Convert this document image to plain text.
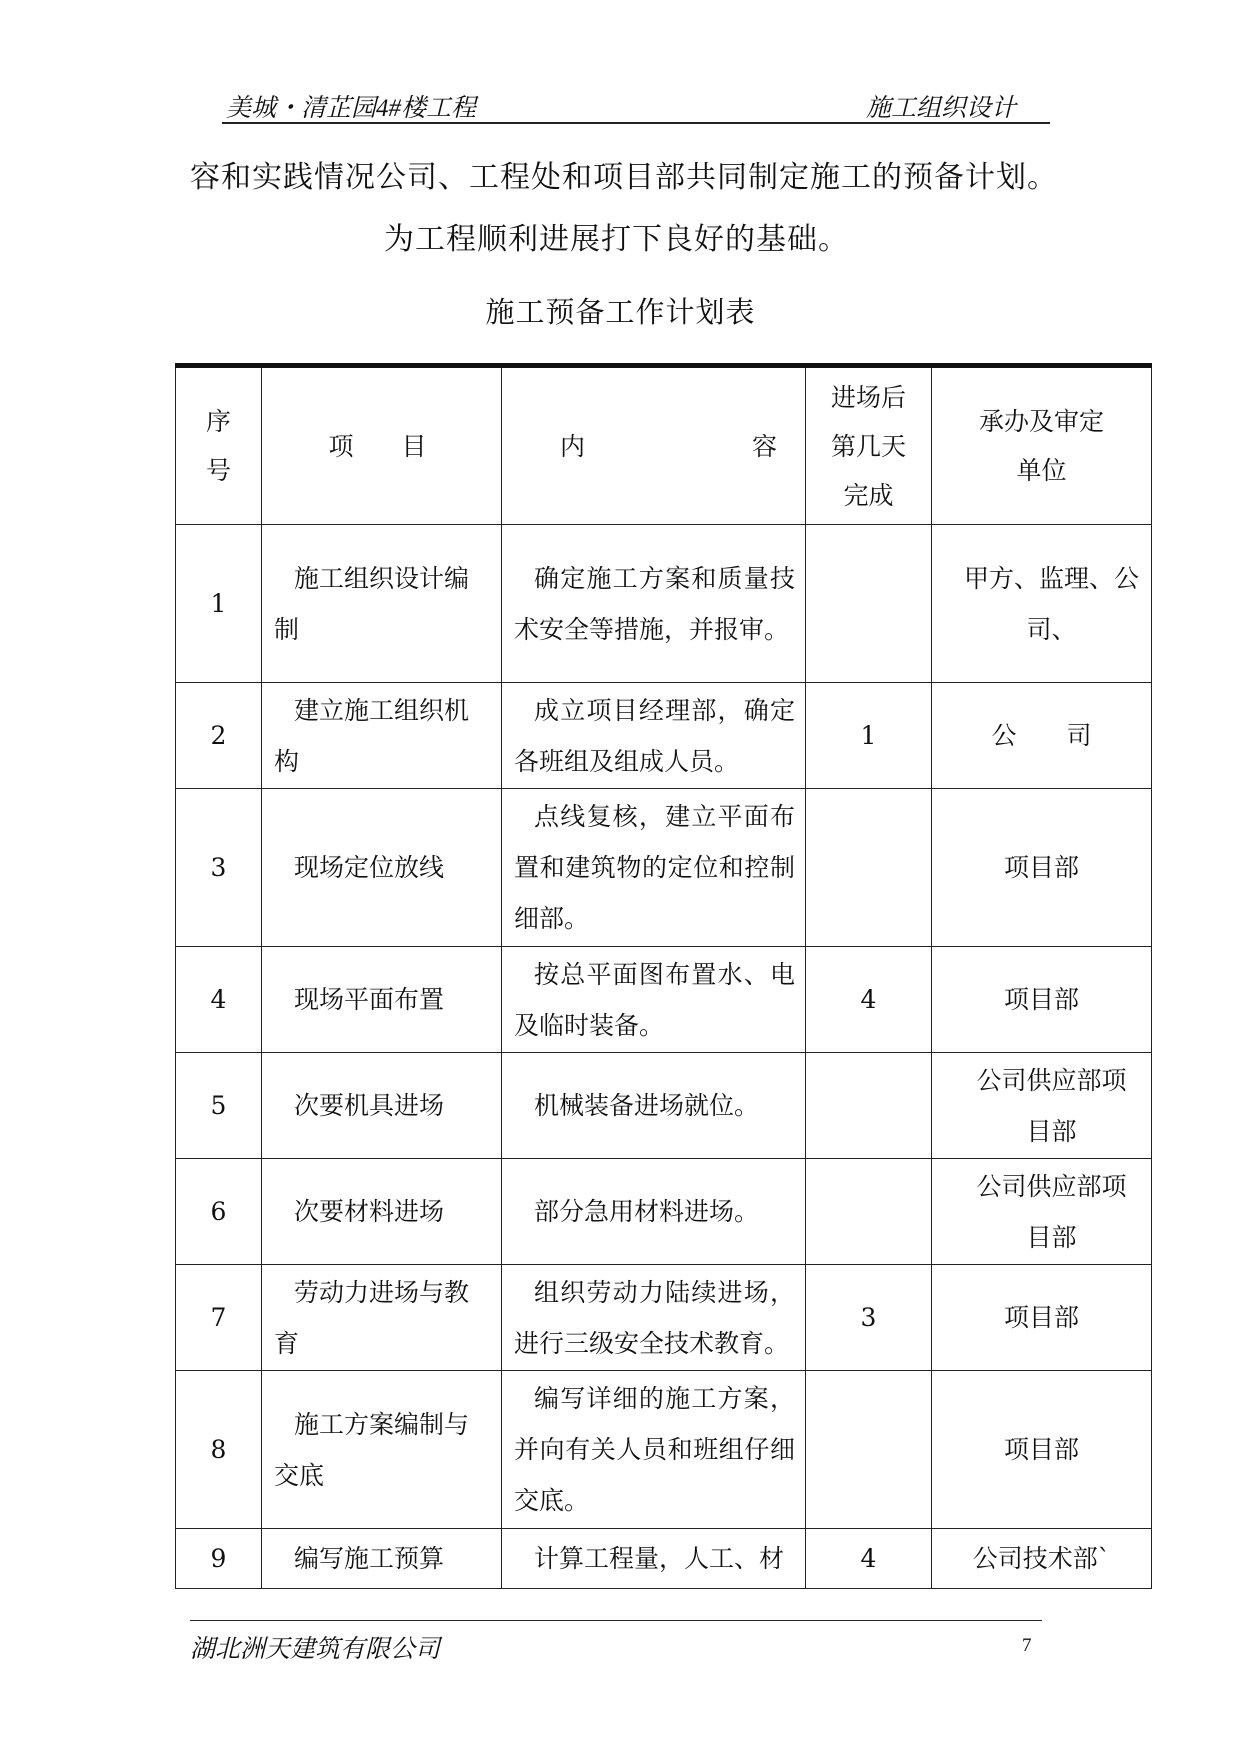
美城・清芷园4#楼工程	施工组织设计
容和实践情况公司、工程处和项目部共同制定施工的预备计划。
为工程顺利进展打下良好的基础。
施工预备工作计划表
序号	项目	内 容	进场后第几天完成	承办及审定单位

1	施工组织设计编制	确定施工方案和质量技术安全等措施，并报审。		甲方、监理、公司、
2	建立施工组织机构	成立项目经理部，确定各班组及组成人员。	1	公　　司
3	现场定位放线	点线复核，建立平面布置和建筑物的定位和控制细部。		项目部
4	现场平面布置	按总平面图布置水、电及临时装备。	4	项目部
5	次要机具进场	机械装备进场就位。		公司供应部项目部

6	次要材料进场	部分急用材料进场。		公司供应部项目部

7	劳动力进场与教育	组织劳动力陆续进场，进行三级安全技术教育。	3	项目部
8	施工方案编制与交底	编写详细的施工方案，并向有关人员和班组仔细交底。		项目部
9	编写施工预算	计算工程量，人工、材	4	公司技术部`
湖北洲天建筑有限公司	7
